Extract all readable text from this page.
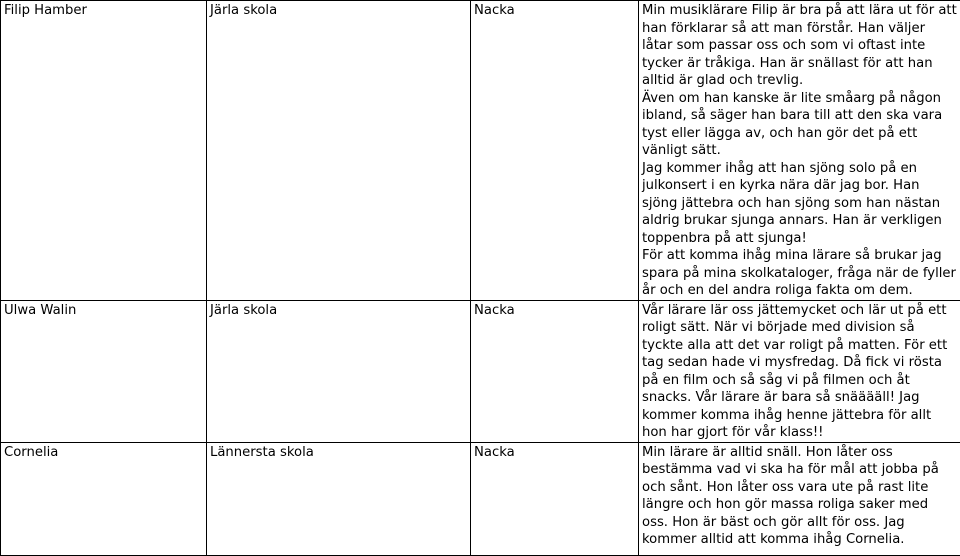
Filip Hamber	Järla skola	Nacka	Min musiklärare Filip är bra på att lära ut för att han förklarar så att man förstår. Han väljer låtar som passar oss och som vi oftast inte tycker är tråkiga. Han är snällast för att han alltid är glad och trevlig.
Även om han kanske är lite småarg på någon ibland, så säger han bara till att den ska vara tyst eller lägga av, och han gör det på ett vänligt sätt.
Jag kommer ihåg att han sjöng solo på en julkonsert i en kyrka nära där jag bor. Han sjöng jättebra och han sjöng som han nästan aldrig brukar sjunga annars. Han är verkligen toppenbra på att sjunga!
För att komma ihåg mina lärare så brukar jag spara på mina skolkataloger, fråga när de fyller år och en del andra roliga fakta om dem.

Ulwa Walin	Järla skola	Nacka	Vår lärare lär oss jättemycket och lär ut på ett roligt sätt. När vi började med division så tyckte alla att det var roligt på matten. För ett tag sedan hade vi mysfredag. Då fick vi rösta på en film och så såg vi på filmen och åt snacks. Vår lärare är bara så snääääll! Jag kommer komma ihåg henne jättebra för allt hon har gjort för vår klass!!

Cornelia	Lännersta skola	Nacka	Min lärare är alltid snäll. Hon låter oss bestämma vad vi ska ha för mål att jobba på och sånt. Hon låter oss vara ute på rast lite längre och hon gör massa roliga saker med oss. Hon är bäst och gör allt för oss. Jag kommer alltid att komma ihåg Cornelia.
